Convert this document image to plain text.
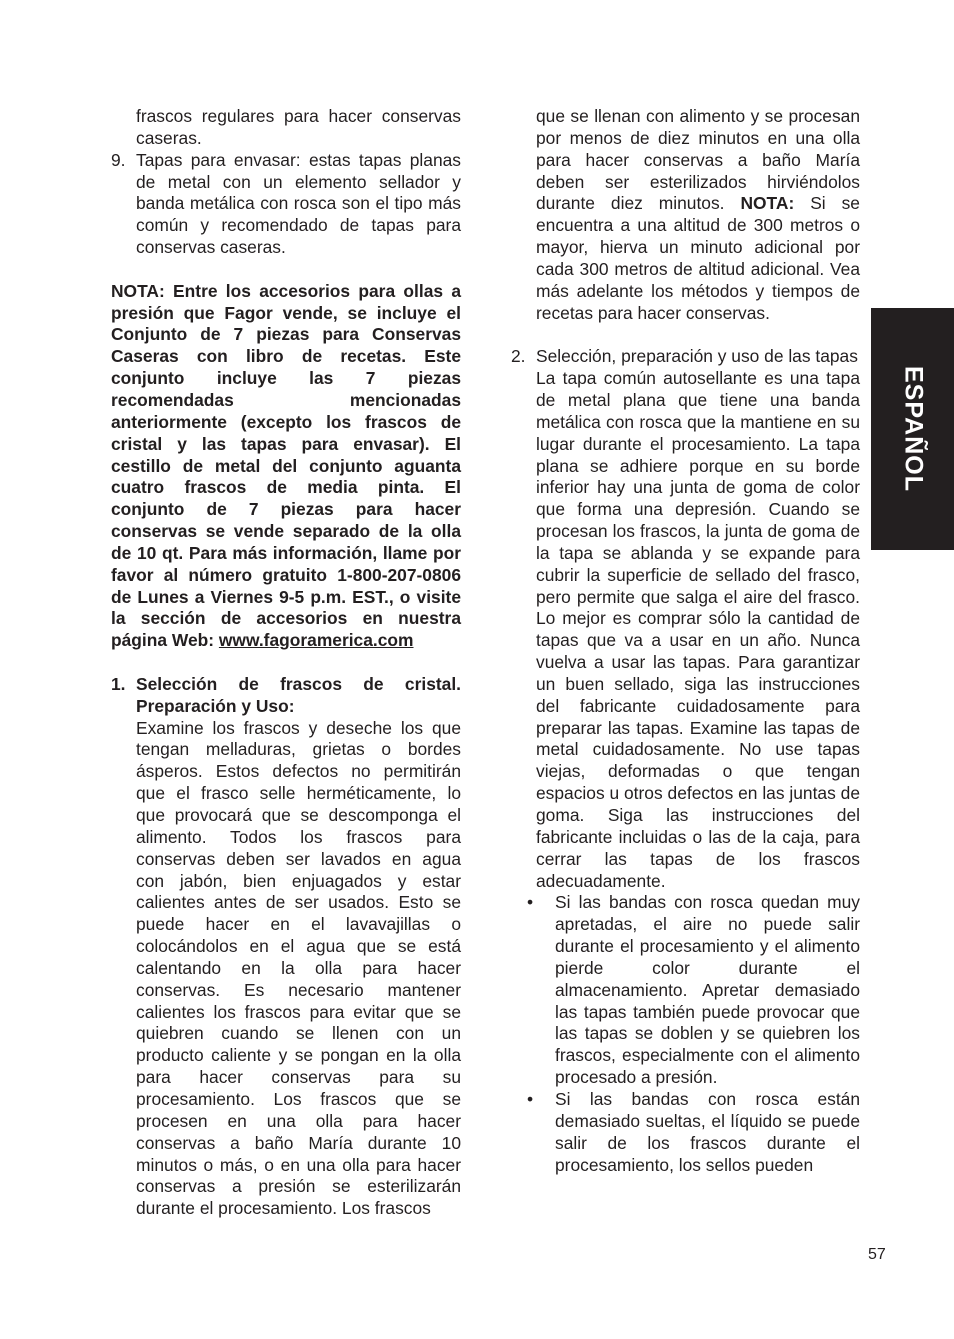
frascos regulares para hacer conservas caseras.

9. Tapas para envasar: estas tapas planas de metal con un elemento sellador y banda metálica con rosca son el tipo más común y recomendado de tapas para conservas caseras.

NOTA: Entre los accesorios para ollas a presión que Fagor vende, se incluye el Conjunto de 7 piezas para Conservas Caseras con libro de recetas. Este conjunto incluye las 7 piezas recomendadas mencionadas anteriormente (excepto los frascos de cristal y las tapas para envasar). El cestillo de metal del conjunto aguanta cuatro frascos de media pinta. El conjunto de 7 piezas para hacer conservas se vende separado de la olla de 10 qt. Para más información, llame por favor al número gratuito 1-800-207-0806 de Lunes a Viernes 9-5 p.m. EST., o visite la sección de accesorios en nuestra página Web: www.fagoramerica.com

1. Selección de frascos de cristal. Preparación y Uso:

Examine los frascos y deseche los que tengan melladuras, grietas o bordes ásperos. Estos defectos no permitirán que el frasco selle herméticamente, lo que provocará que se descomponga el alimento. Todos los frascos para conservas deben ser lavados en agua con jabón, bien enjuagados y estar calientes antes de ser usados. Esto se puede hacer en el lavavajillas o colocándolos en el agua que se está calentando en la olla para hacer conservas. Es necesario mantener calientes los frascos para evitar que se quiebren cuando se llenen con un producto caliente y se pongan en la olla para hacer conservas para su procesamiento. Los frascos que se procesen en una olla para hacer conservas a baño María durante 10 minutos o más, o en una olla para hacer conservas a presión se esterilizarán durante el procesamiento. Los frascos

que se llenan con alimento y se procesan por menos de diez minutos en una olla para hacer conservas a baño María deben ser esterilizados hirviéndolos durante diez minutos. NOTA: Si se encuentra a una altitud de 300 metros o mayor, hierva un minuto adicional por cada 300 metros de altitud adicional. Vea más adelante los métodos y tiempos de recetas para hacer conservas.

2. Selección, preparación y uso de las tapas

La tapa común autosellante es una tapa de metal plana que tiene una banda metálica con rosca que la mantiene en su lugar durante el procesamiento. La tapa plana se adhiere porque en su borde inferior hay una junta de goma de color que forma una depresión. Cuando se procesan los frascos, la junta de goma de la tapa se ablanda y se expande para cubrir la superficie de sellado del frasco, pero permite que salga el aire del frasco. Lo mejor es comprar sólo la cantidad de tapas que va a usar en un año. Nunca vuelva a usar las tapas. Para garantizar un buen sellado, siga las instrucciones del fabricante cuidadosamente para preparar las tapas. Examine las tapas de metal cuidadosamente. No use tapas viejas, deformadas o que tengan espacios u otros defectos en las juntas de goma. Siga las instrucciones del fabricante incluidas o las de la caja, para cerrar las tapas de los frascos adecuadamente.

• Si las bandas con rosca quedan muy apretadas, el aire no puede salir durante el procesamiento y el alimento pierde color durante el almacenamiento. Apretar demasiado las tapas también puede provocar que las tapas se doblen y se quiebren los frascos, especialmente con el alimento procesado a presión.
• Si las bandas con rosca están demasiado sueltas, el líquido se puede salir de los frascos durante el procesamiento, los sellos pueden
ESPAÑOL
57
